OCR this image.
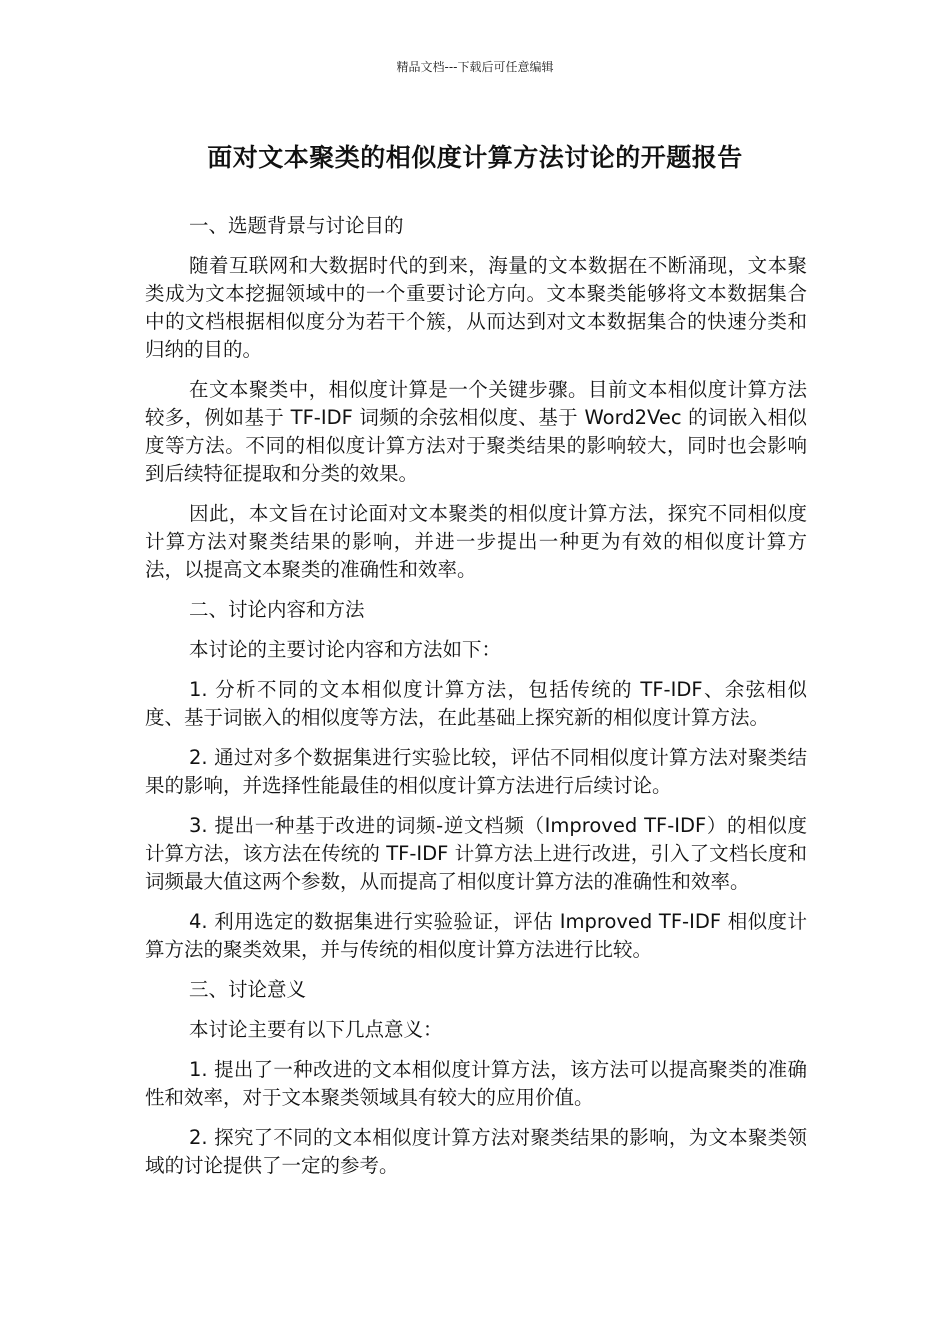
精品文档---下载后可任意编辑
面对文本聚类的相似度计算方法讨论的开题报告
一、选题背景与讨论目的

随着互联网和大数据时代的到来，海量的文本数据在不断涌现，文本聚类成为文本挖掘领域中的一个重要讨论方向。文本聚类能够将文本数据集合中的文档根据相似度分为若干个簇，从而达到对文本数据集合的快速分类和归纳的目的。

在文本聚类中，相似度计算是一个关键步骤。目前文本相似度计算方法较多，例如基于 TF-IDF 词频的余弦相似度、基于 Word2Vec 的词嵌入相似度等方法。不同的相似度计算方法对于聚类结果的影响较大，同时也会影响到后续特征提取和分类的效果。

因此，本文旨在讨论面对文本聚类的相似度计算方法，探究不同相似度计算方法对聚类结果的影响，并进一步提出一种更为有效的相似度计算方法，以提高文本聚类的准确性和效率。

二、讨论内容和方法

本讨论的主要讨论内容和方法如下：

1. 分析不同的文本相似度计算方法，包括传统的 TF-IDF、余弦相似度、基于词嵌入的相似度等方法，在此基础上探究新的相似度计算方法。

2. 通过对多个数据集进行实验比较，评估不同相似度计算方法对聚类结果的影响，并选择性能最佳的相似度计算方法进行后续讨论。

3. 提出一种基于改进的词频-逆文档频（Improved TF-IDF）的相似度计算方法，该方法在传统的 TF-IDF 计算方法上进行改进，引入了文档长度和词频最大值这两个参数，从而提高了相似度计算方法的准确性和效率。

4. 利用选定的数据集进行实验验证，评估 Improved TF-IDF 相似度计算方法的聚类效果，并与传统的相似度计算方法进行比较。

三、讨论意义

本讨论主要有以下几点意义：

1. 提出了一种改进的文本相似度计算方法，该方法可以提高聚类的准确性和效率，对于文本聚类领域具有较大的应用价值。

2. 探究了不同的文本相似度计算方法对聚类结果的影响，为文本聚类领域的讨论提供了一定的参考。
